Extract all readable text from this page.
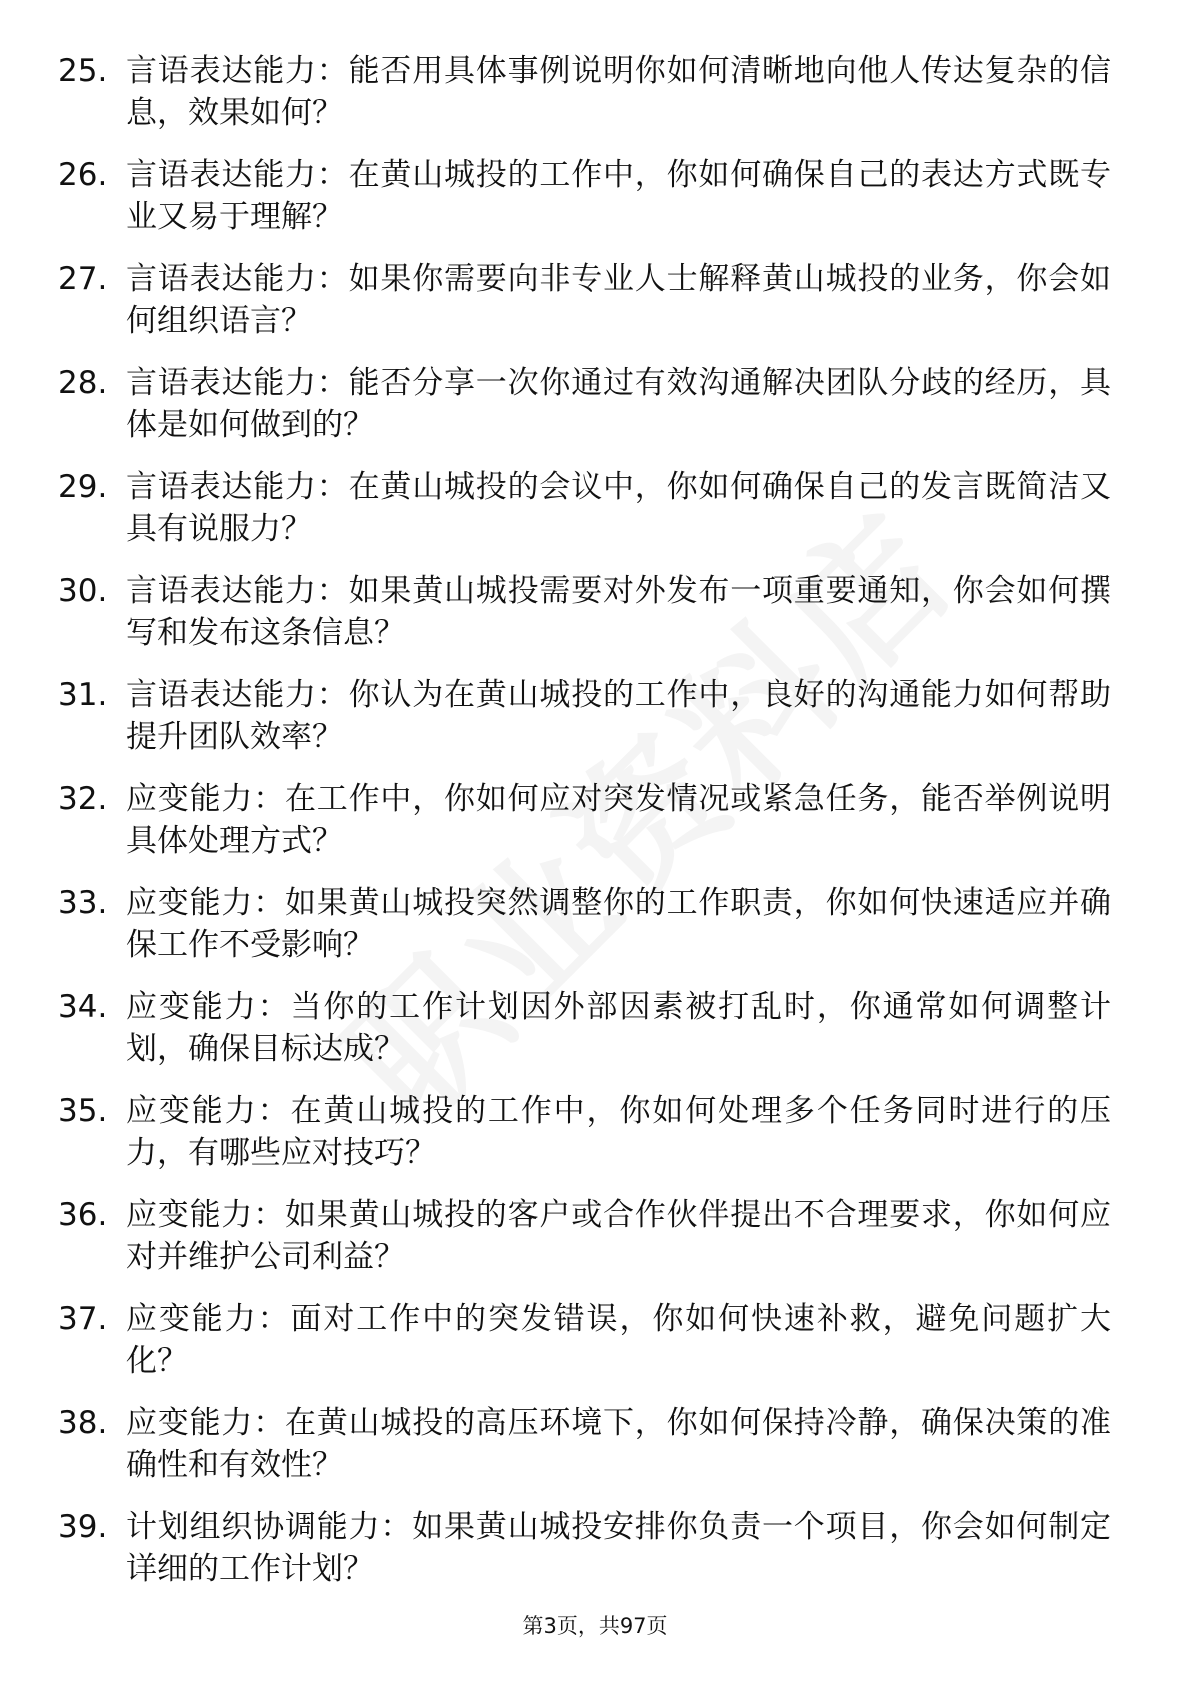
25. 言语表达能力：能否用具体事例说明你如何清晰地向他人传达复杂的信息，效果如何？
26. 言语表达能力：在黄山城投的工作中，你如何确保自己的表达方式既专业又易于理解？
27. 言语表达能力：如果你需要向非专业人士解释黄山城投的业务，你会如何组织语言？
28. 言语表达能力：能否分享一次你通过有效沟通解决团队分歧的经历，具体是如何做到的？
29. 言语表达能力：在黄山城投的会议中，你如何确保自己的发言既简洁又具有说服力？
30. 言语表达能力：如果黄山城投需要对外发布一项重要通知，你会如何撰写和发布这条信息？
31. 言语表达能力：你认为在黄山城投的工作中，良好的沟通能力如何帮助提升团队效率？
32. 应变能力：在工作中，你如何应对突发情况或紧急任务，能否举例说明具体处理方式？
33. 应变能力：如果黄山城投突然调整你的工作职责，你如何快速适应并确保工作不受影响？
34. 应变能力：当你的工作计划因外部因素被打乱时，你通常如何调整计划，确保目标达成？
35. 应变能力：在黄山城投的工作中，你如何处理多个任务同时进行的压力，有哪些应对技巧？
36. 应变能力：如果黄山城投的客户或合作伙伴提出不合理要求，你如何应对并维护公司利益？
37. 应变能力：面对工作中的突发错误，你如何快速补救，避免问题扩大化？
38. 应变能力：在黄山城投的高压环境下，你如何保持冷静，确保决策的准确性和有效性？
39. 计划组织协调能力：如果黄山城投安排你负责一个项目，你会如何制定详细的工作计划？
第3页，共97页
